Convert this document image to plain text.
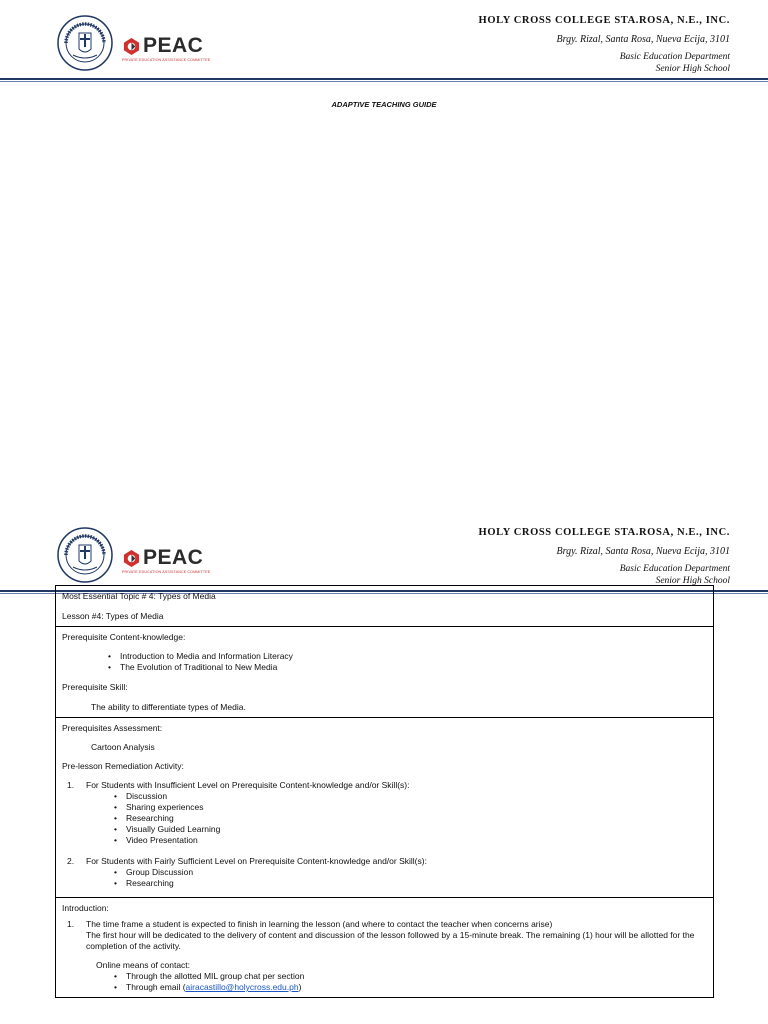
PEAC
PRIVATE EDUCATION ASSISTANCE COMMITTEE
HOLY CROSS COLLEGE STA.ROSA, N.E., INC.
Brgy. Rizal, Santa Rosa, Nueva Ecija, 3101
Basic Education Department
Senior High School
ADAPTIVE TEACHING GUIDE
PEAC
PRIVATE EDUCATION ASSISTANCE COMMITTEE
HOLY CROSS COLLEGE STA.ROSA, N.E., INC.
Brgy. Rizal, Santa Rosa, Nueva Ecija, 3101
Basic Education Department
Senior High School

Most Essential Topic # 4: Types of Media

Lesson #4: Types of Media

Prerequisite Content-knowledge:

• Introduction to Media and Information Literacy
• The Evolution of Traditional to New Media

Prerequisite Skill:

The ability to differentiate types of Media.

Prerequisites Assessment:

Cartoon Analysis

Pre-lesson Remediation Activity:

1. For Students with Insufficient Level on Prerequisite Content-knowledge and/or Skill(s):

• Discussion
• Sharing experiences
• Researching
• Visually Guided Learning
• Video Presentation
2. For Students with Fairly Sufficient Level on Prerequisite Content-knowledge and/or Skill(s):

• Group Discussion
• Researching

Introduction:

1. The time frame a student is expected to finish in learning the lesson (and where to contact the teacher when concerns arise)

The first hour will be dedicated to the delivery of content and discussion of the lesson followed by a 15-minute break. The remaining (1) hour will be allotted for the completion of the activity.

Online means of contact:

• Through the allotted MIL group chat per section
• Through email (airacastillo@holycross.edu.ph)
